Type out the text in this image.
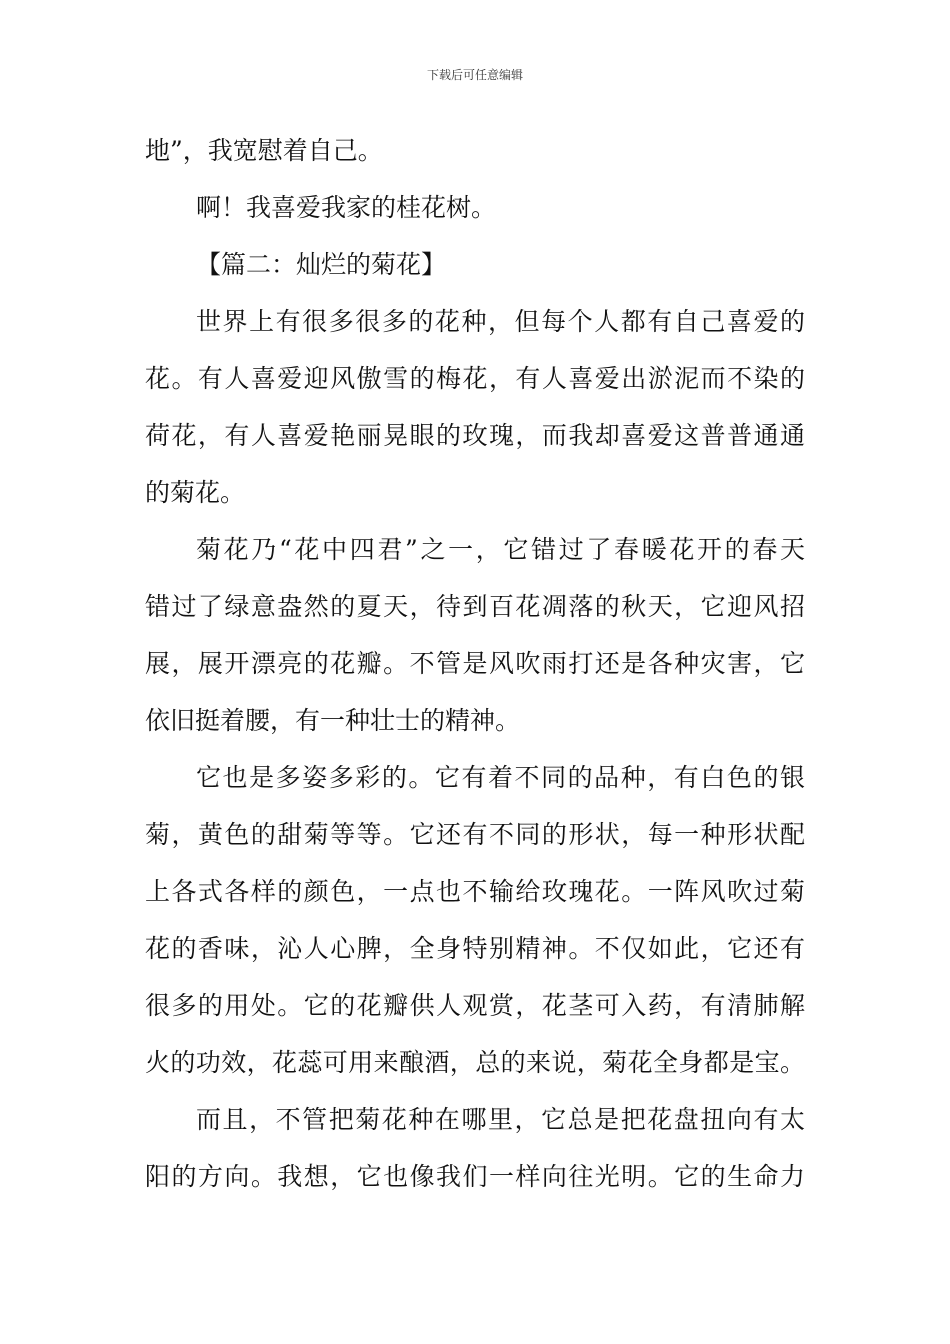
下载后可任意编辑
地”，我宽慰着自己。
啊！我喜爱我家的桂花树。
【篇二：灿烂的菊花】
世界上有很多很多的花种，但每个人都有自己喜爱的
花。有人喜爱迎风傲雪的梅花，有人喜爱出淤泥而不染的
荷花，有人喜爱艳丽晃眼的玫瑰，而我却喜爱这普普通通
的菊花。
菊花乃“花中四君”之一，它错过了春暖花开的春天
错过了绿意盎然的夏天，待到百花凋落的秋天，它迎风招
展，展开漂亮的花瓣。不管是风吹雨打还是各种灾害，它
依旧挺着腰，有一种壮士的精神。
它也是多姿多彩的。它有着不同的品种，有白色的银
菊，黄色的甜菊等等。它还有不同的形状，每一种形状配
上各式各样的颜色，一点也不输给玫瑰花。一阵风吹过菊
花的香味，沁人心脾，全身特别精神。不仅如此，它还有
很多的用处。它的花瓣供人观赏，花茎可入药，有清肺解
火的功效，花蕊可用来酿酒，总的来说，菊花全身都是宝。
而且，不管把菊花种在哪里，它总是把花盘扭向有太
阳的方向。我想，它也像我们一样向往光明。它的生命力
